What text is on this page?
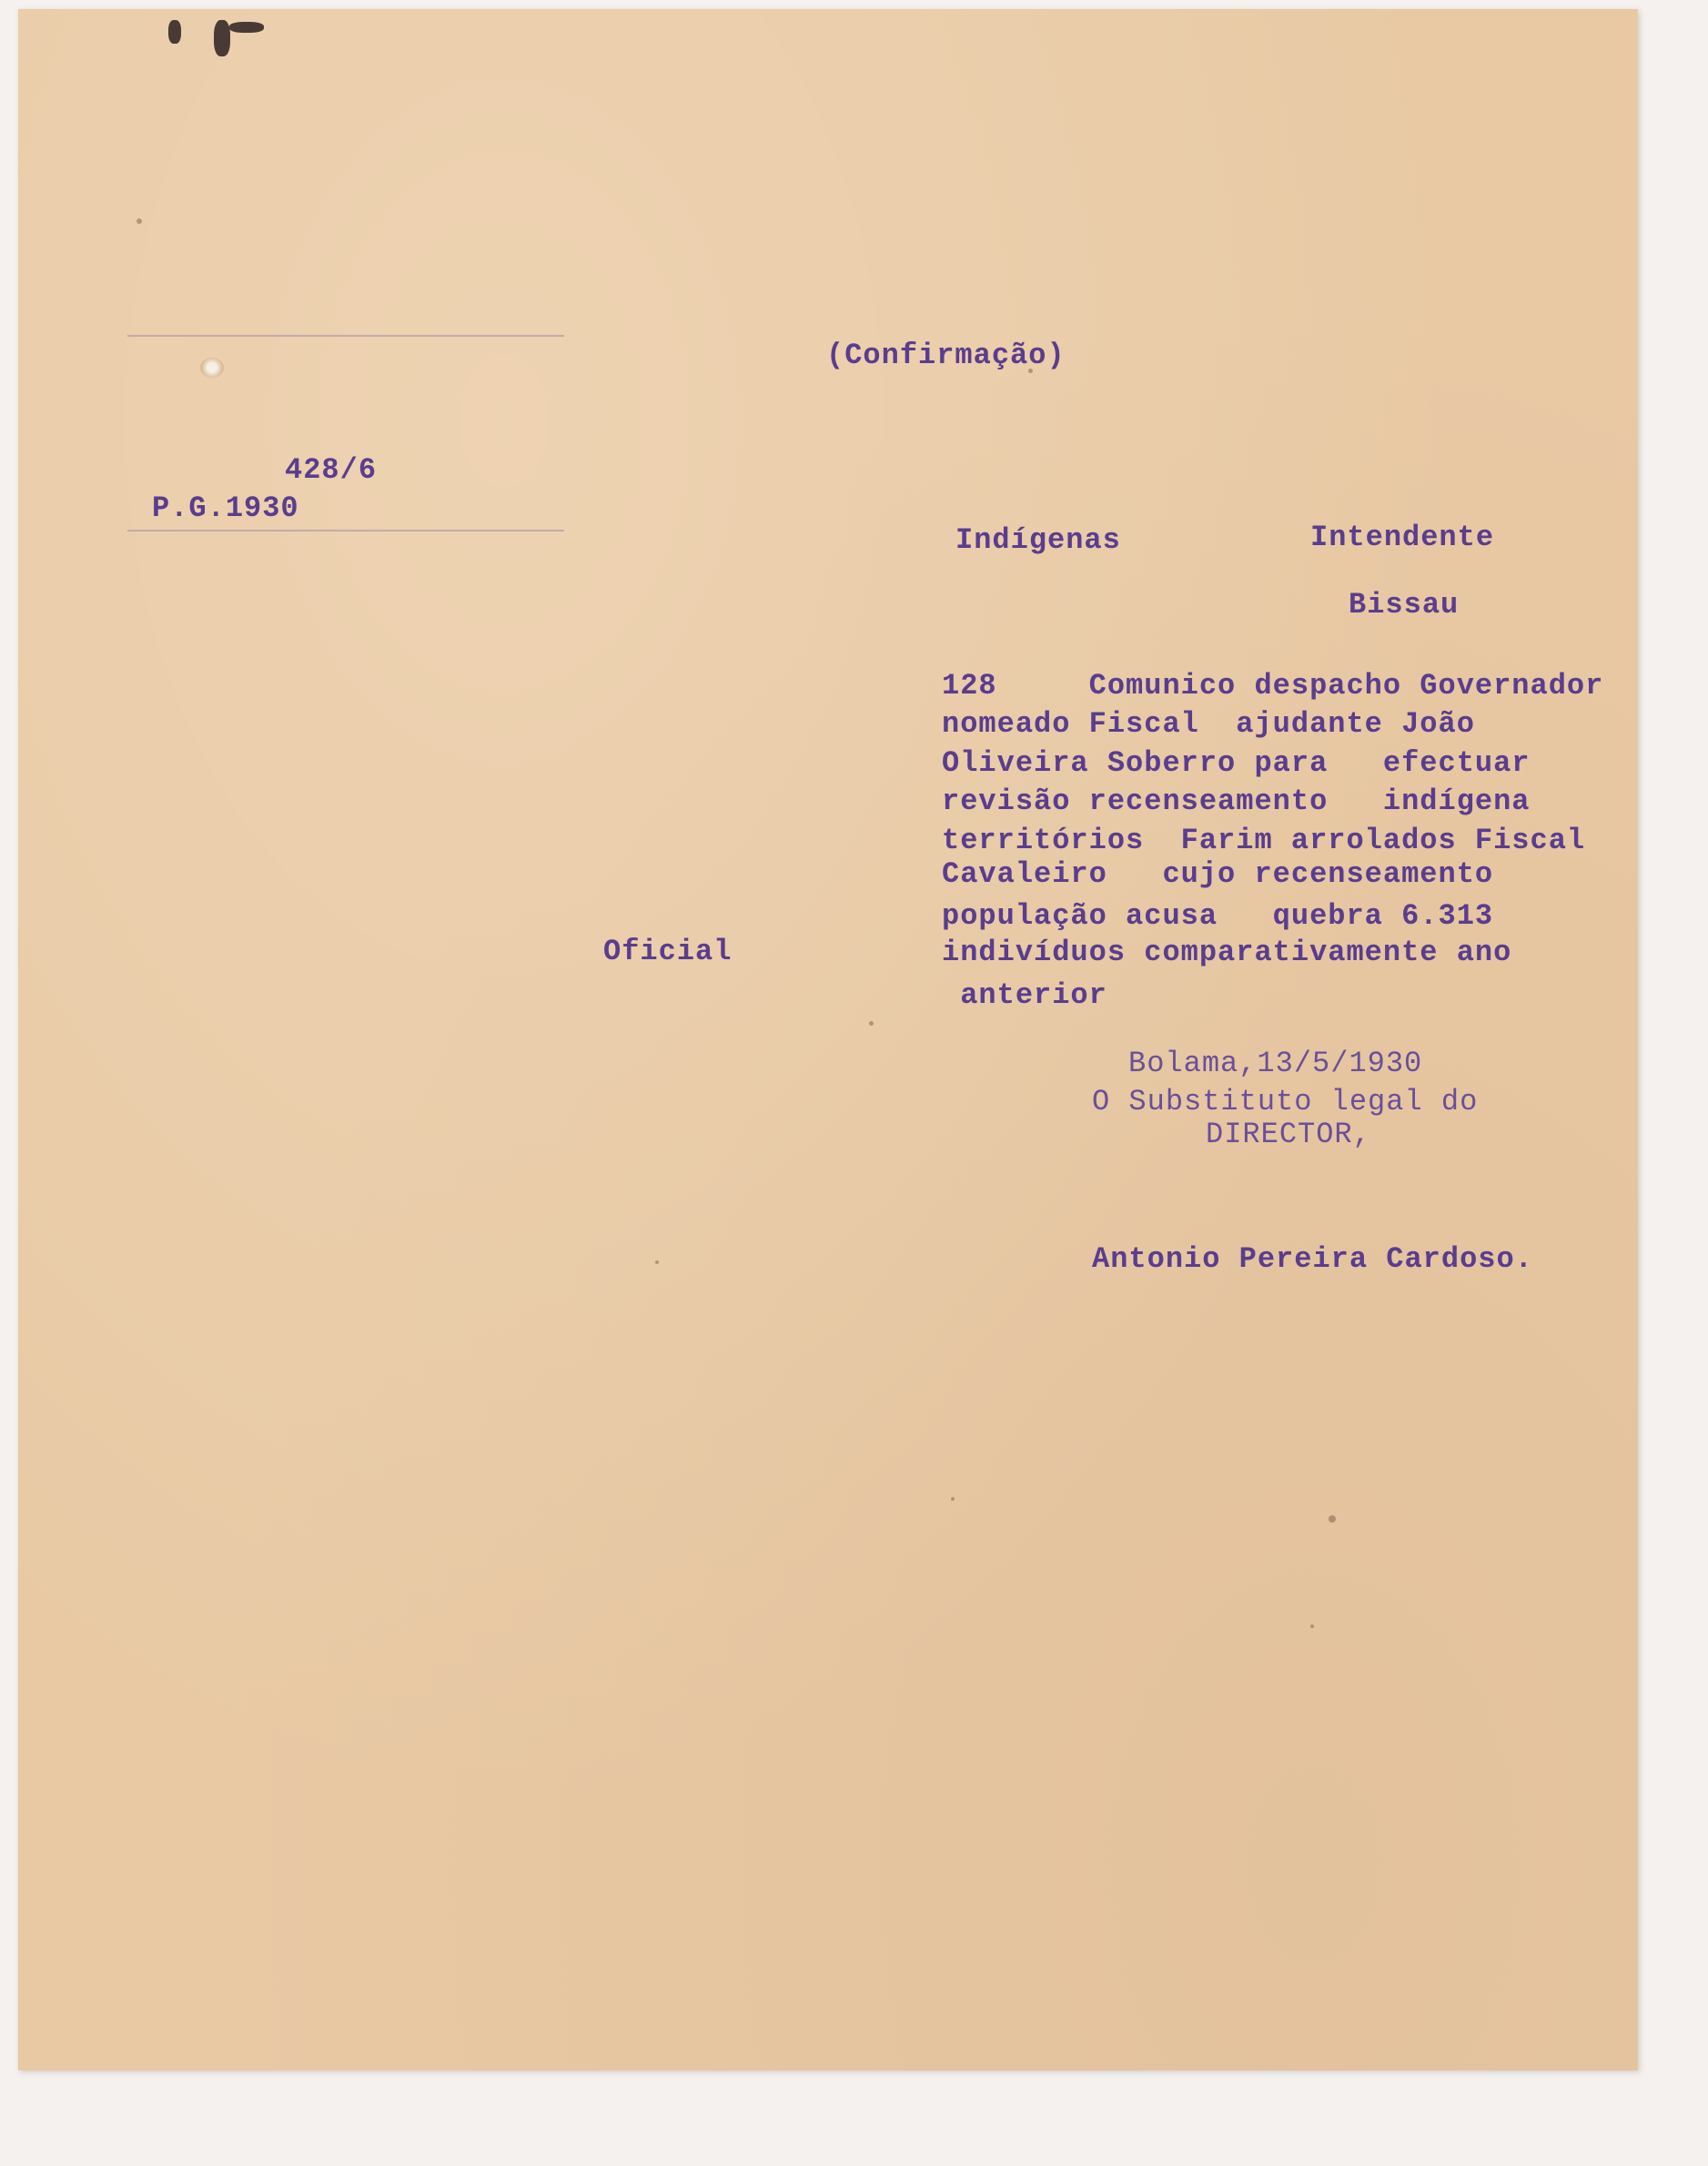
(Confirmação)
428/6
P.G.1930
Indígenas	Intendente
Bissau
Oficial
128     Comunico despacho Governador
nomeado Fiscal  ajudante João
Oliveira Soberro para   efectuar
revisão recenseamento   indígena
territórios  Farim arrolados Fiscal
Cavaleiro   cujo recenseamento
população acusa   quebra 6.313
indivíduos comparativamente ano
anterior
Bolama,13/5/1930
O Substituto legal do
DIRECTOR,
Antonio Pereira Cardoso.
